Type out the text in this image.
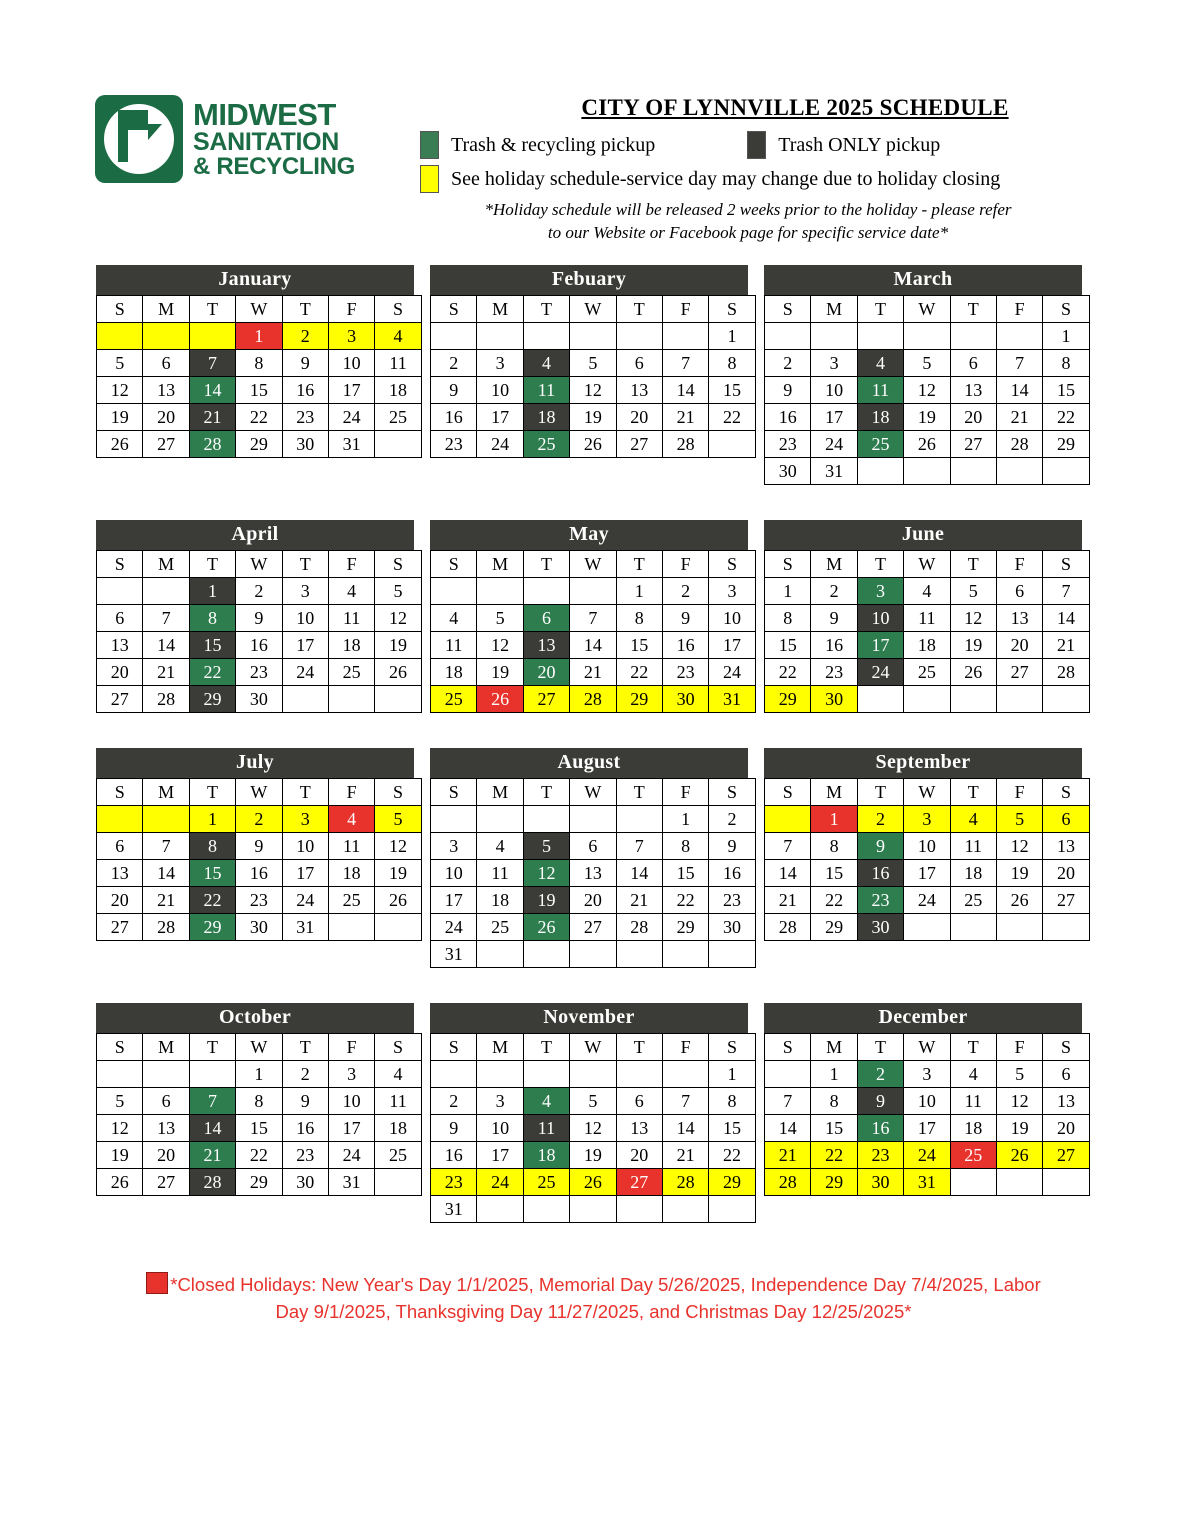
MIDWEST
SANITATION
& RECYCLING
CITY OF LYNNVILLE 2025 SCHEDULE
Trash & recycling pickup	Trash ONLY pickup
See holiday schedule-service day may change due to holiday closing
*Holiday schedule will be released 2 weeks prior to the holiday - please refer
to our Website or Facebook page for specific service date*
January
S	M	T	W	T	F	S
			1	2	3	4
5	6	7	8	9	10	11
12	13	14	15	16	17	18
19	20	21	22	23	24	25
26	27	28	29	30	31	
Febuary
S	M	T	W	T	F	S
						1
2	3	4	5	6	7	8
9	10	11	12	13	14	15
16	17	18	19	20	21	22
23	24	25	26	27	28	
March
S	M	T	W	T	F	S
						1
2	3	4	5	6	7	8
9	10	11	12	13	14	15
16	17	18	19	20	21	22
23	24	25	26	27	28	29
30	31					
April
S	M	T	W	T	F	S
		1	2	3	4	5
6	7	8	9	10	11	12
13	14	15	16	17	18	19
20	21	22	23	24	25	26
27	28	29	30			
May
S	M	T	W	T	F	S
				1	2	3
4	5	6	7	8	9	10
11	12	13	14	15	16	17
18	19	20	21	22	23	24
25	26	27	28	29	30	31
June
S	M	T	W	T	F	S
1	2	3	4	5	6	7
8	9	10	11	12	13	14
15	16	17	18	19	20	21
22	23	24	25	26	27	28
29	30					
July
S	M	T	W	T	F	S
		1	2	3	4	5
6	7	8	9	10	11	12
13	14	15	16	17	18	19
20	21	22	23	24	25	26
27	28	29	30	31		
August
S	M	T	W	T	F	S
					1	2
3	4	5	6	7	8	9
10	11	12	13	14	15	16
17	18	19	20	21	22	23
24	25	26	27	28	29	30
31						
September
S	M	T	W	T	F	S
	1	2	3	4	5	6
7	8	9	10	11	12	13
14	15	16	17	18	19	20
21	22	23	24	25	26	27
28	29	30				
October
S	M	T	W	T	F	S
			1	2	3	4
5	6	7	8	9	10	11
12	13	14	15	16	17	18
19	20	21	22	23	24	25
26	27	28	29	30	31	
November
S	M	T	W	T	F	S
						1
2	3	4	5	6	7	8
9	10	11	12	13	14	15
16	17	18	19	20	21	22
23	24	25	26	27	28	29
31						
December
S	M	T	W	T	F	S
	1	2	3	4	5	6
7	8	9	10	11	12	13
14	15	16	17	18	19	20
21	22	23	24	25	26	27
28	29	30	31			
*Closed Holidays: New Year's Day 1/1/2025, Memorial Day 5/26/2025, Independence Day 7/4/2025, Labor
Day 9/1/2025, Thanksgiving Day 11/27/2025, and Christmas Day 12/25/2025*
